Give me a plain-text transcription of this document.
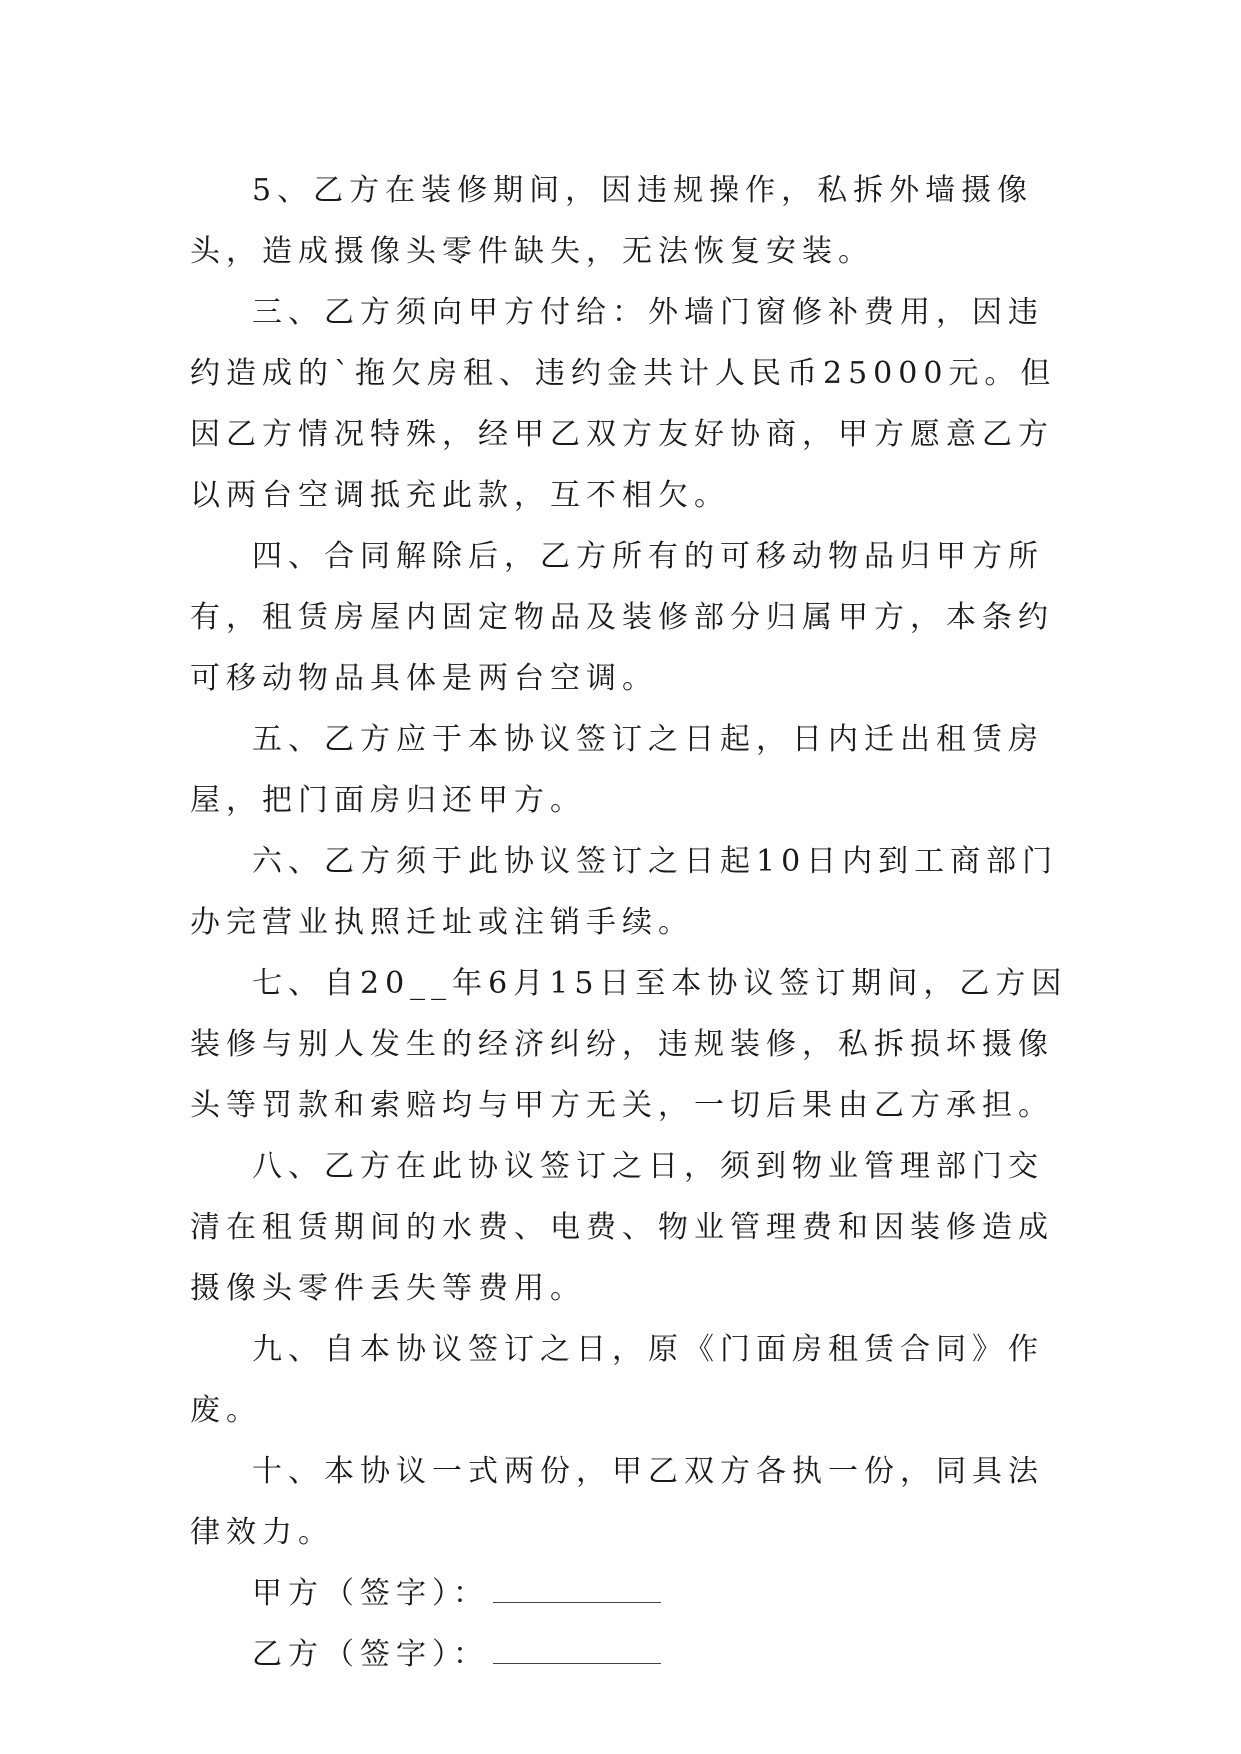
5、乙方在装修期间，因违规操作，私拆外墙摄像头，造成摄像头零件缺失，无法恢复安装。

三、乙方须向甲方付给：外墙门窗修补费用，因违约造成的`拖欠房租、违约金共计人民币25000元。但因乙方情况特殊，经甲乙双方友好协商，甲方愿意乙方以两台空调抵充此款，互不相欠。

四、合同解除后，乙方所有的可移动物品归甲方所有，租赁房屋内固定物品及装修部分归属甲方，本条约可移动物品具体是两台空调。

五、乙方应于本协议签订之日起，日内迁出租赁房屋，把门面房归还甲方。

六、乙方须于此协议签订之日起10日内到工商部门办完营业执照迁址或注销手续。

七、自20__年6月15日至本协议签订期间，乙方因装修与别人发生的经济纠纷，违规装修，私拆损坏摄像头等罚款和索赔均与甲方无关，一切后果由乙方承担。

八、乙方在此协议签订之日，须到物业管理部门交清在租赁期间的水费、电费、物业管理费和因装修造成摄像头零件丢失等费用。

九、自本协议签订之日，原《门面房租赁合同》作废。

十、本协议一式两份，甲乙双方各执一份，同具法律效力。

甲方（签字）：

乙方（签字）：
